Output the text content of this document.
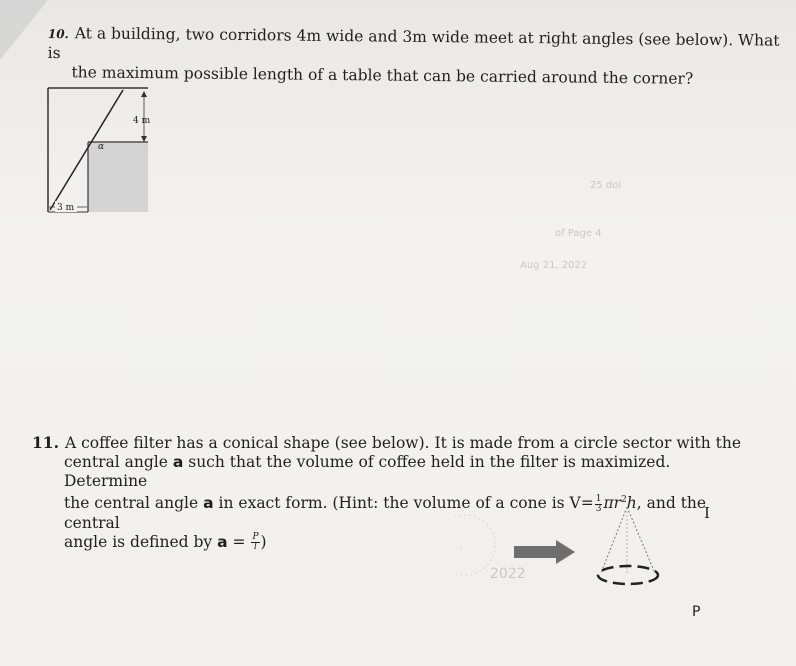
25 doi
of Page 4
Aug 21, 2022
2022
10. At a building, two corridors 4m wide and 3m wide meet at right angles (see below). What is
the maximum possible length of a table that can be carried around the corner?
4 m
α
3 m
11. A coffee filter has a conical shape (see below). It is made from a circle sector with the
central angle a such that the volume of coffee held in the filter is maximized. Determine
the central angle a in exact form. (Hint: the volume of a cone is $V= \frac{1}{3} \pi r^2h$, and the central
angle is defined by $a = \frac{P}{l}$ )	·
I
P
